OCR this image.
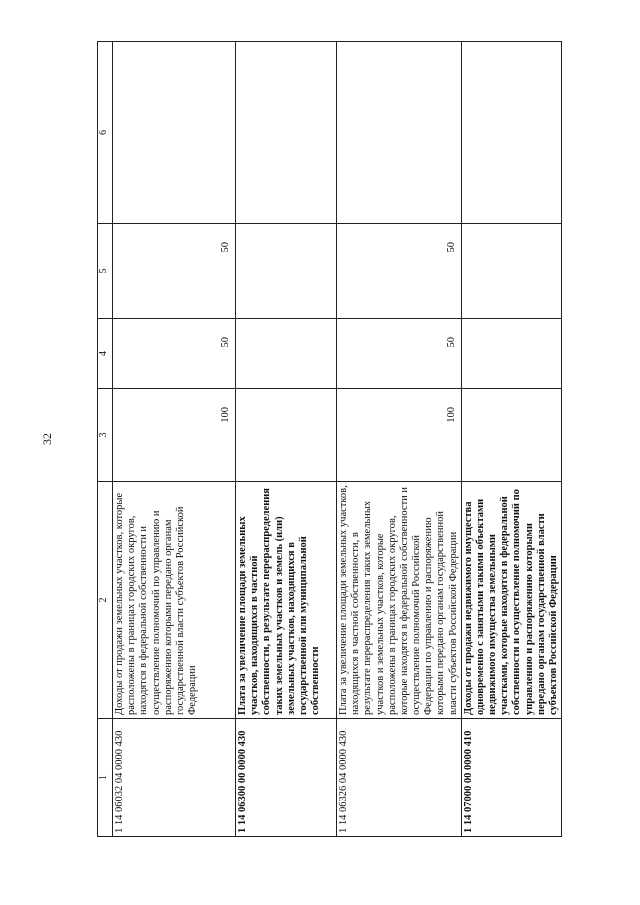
32
1	2	3	4	5	6
1 14 06032 04 0000 430	Доходы от продажи земельных участков, которые расположены в границах городских округов, находятся в федеральной собственности и осуществление полномочий по управлению и распоряжению которыми передано органам государственной власти субъектов Российской Федерации	100	50	50	
1 14 06300 00 0000 430	Плата за увеличение площади земельных участков, находящихся в частной собственности, в результате перераспределения таких земельных участков и земель (или) земельных участков, находящихся в государственной или муниципальной собственности				
1 14 06326 04 0000 430	Плата за увеличение площади земельных участков, находящихся в частной собственности, в результате перераспределения таких земельных участков и земельных участков, которые расположены в границах городских округов, которые находятся в федеральной собственности и осуществление полномочий Российской Федерации по управлению и распоряжению которыми передано органам государственной власти субъектов Российской Федерации	100	50	50	
1 14 07000 00 0000 410	Доходы от продажи недвижимого имущества одновременно с занятыми такими объектами недвижимого имущества земельными участками, которые находятся в федеральной собственности и осуществление полномочий по управлению и распоряжению которыми передано органам государственной власти субъектов Российской Федерации				
